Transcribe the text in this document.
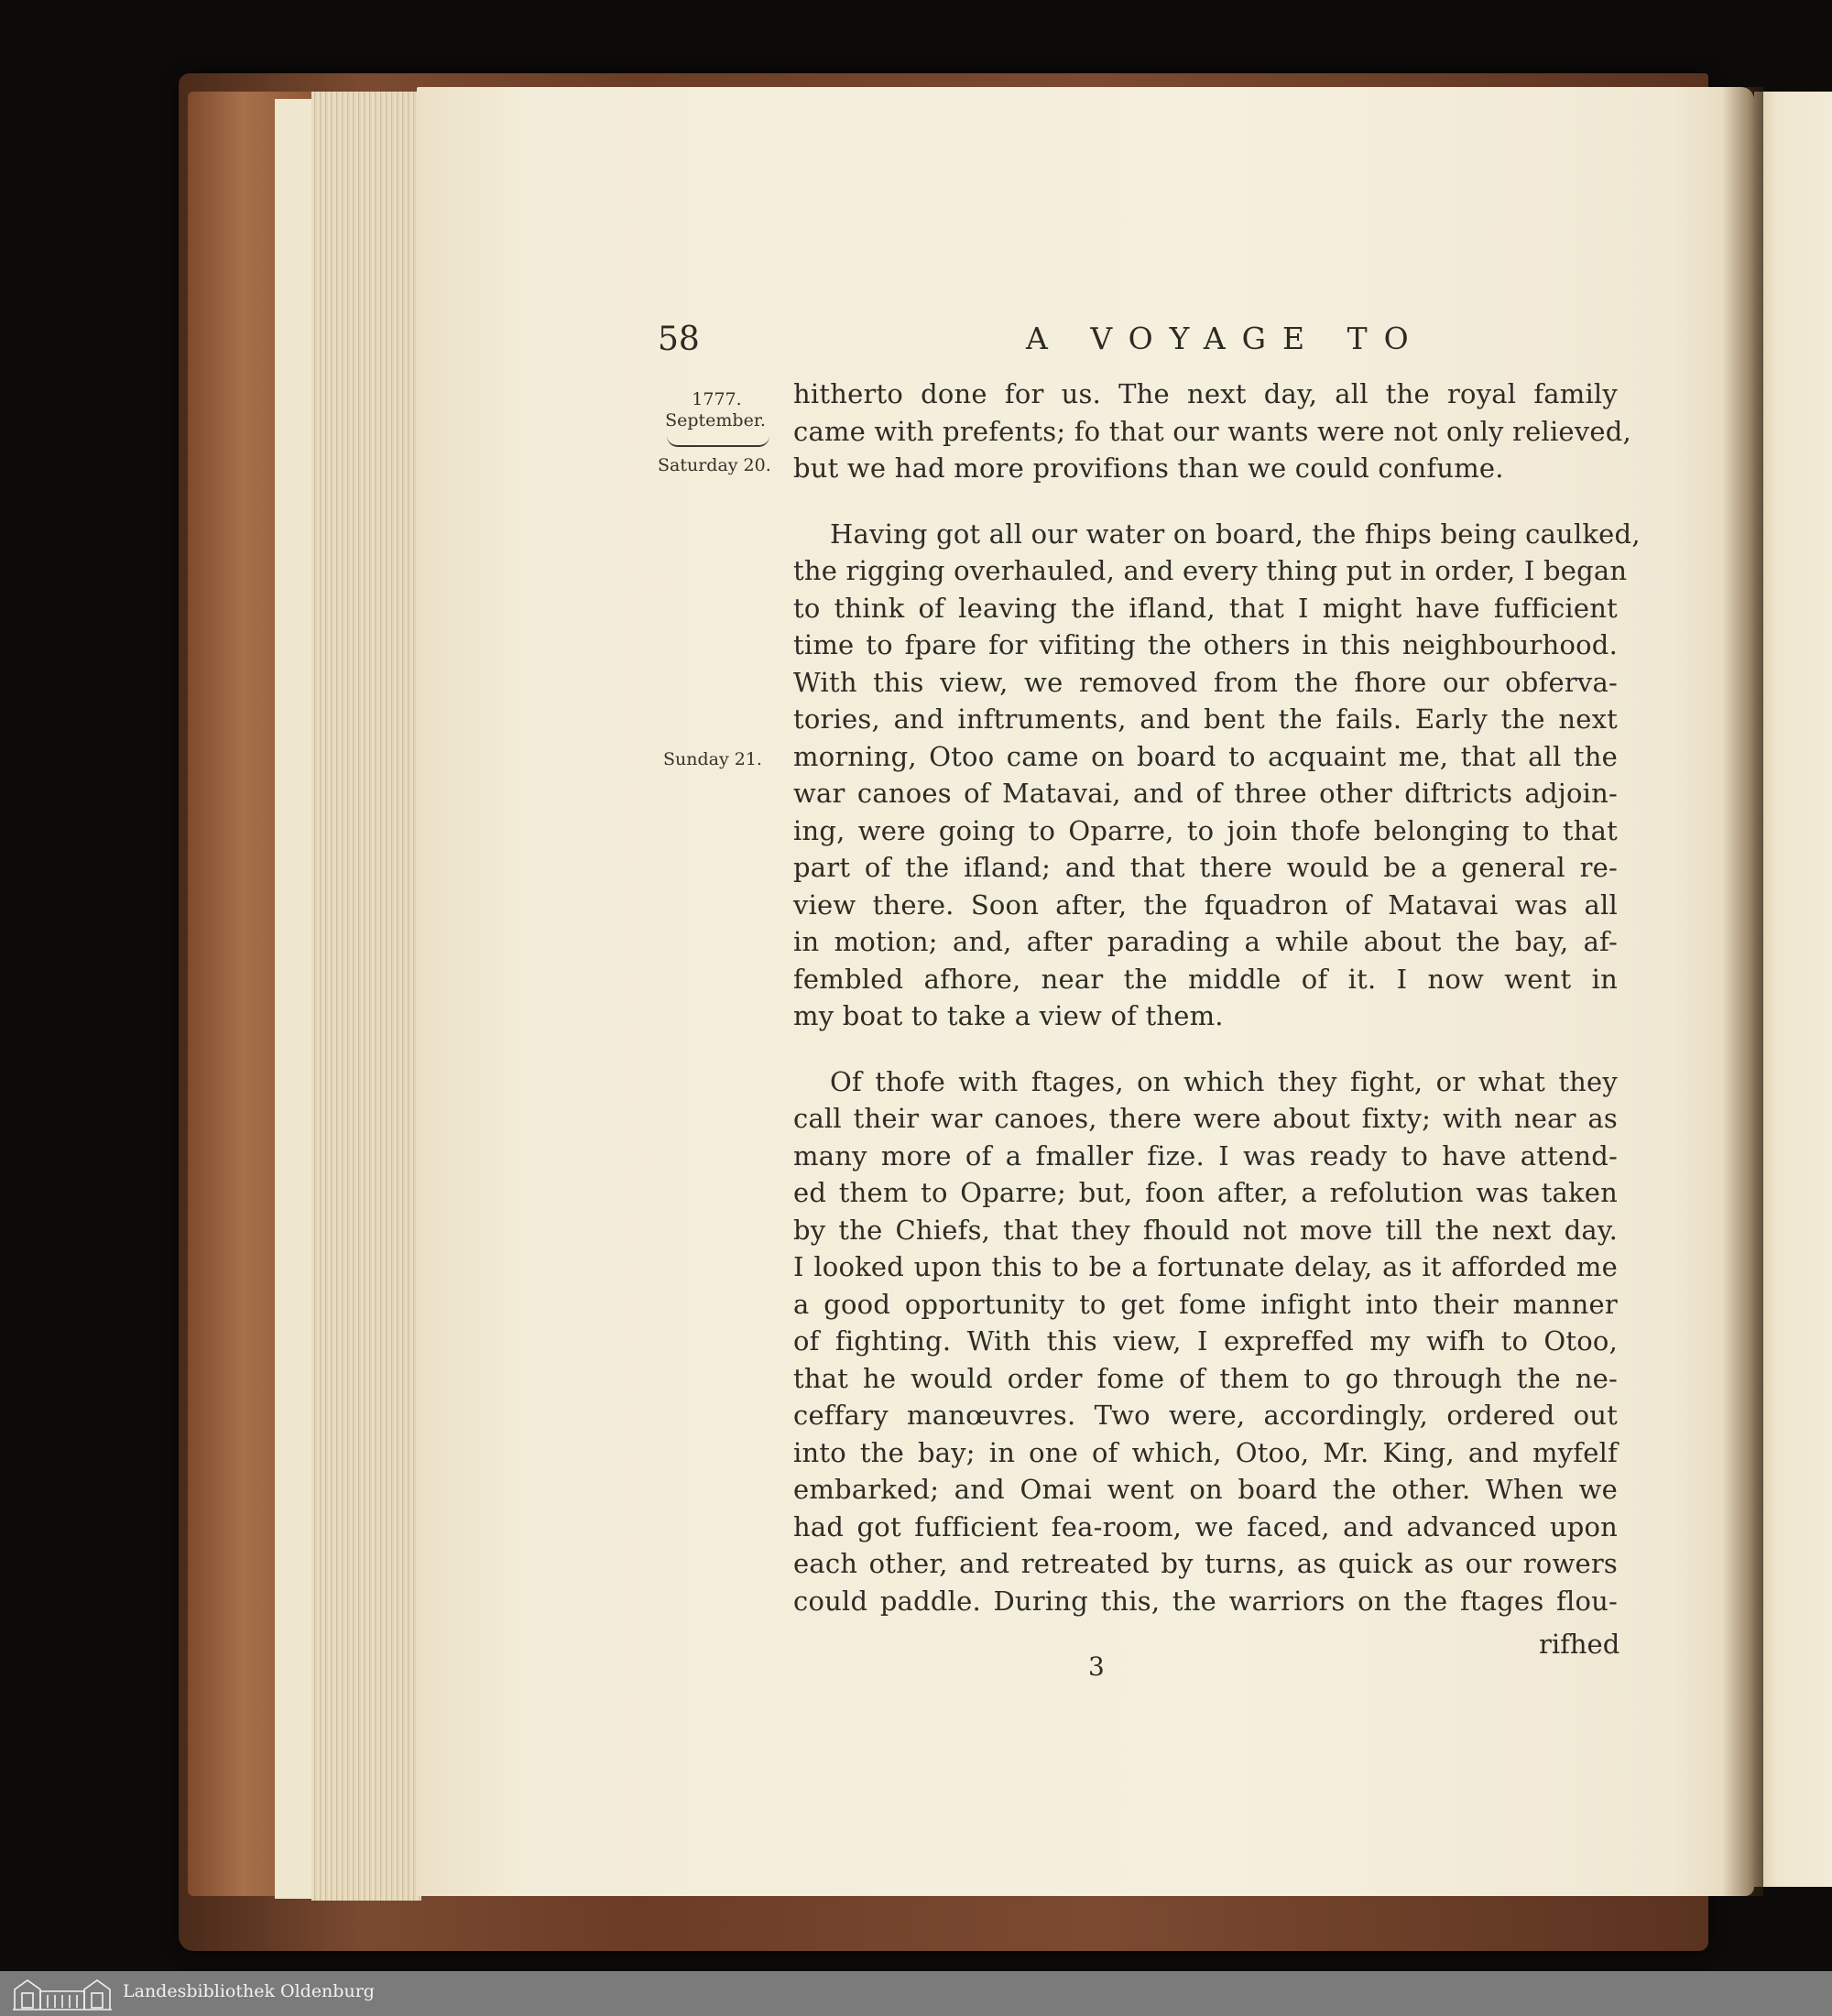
58	A VOYAGE TO
1777.
September.
Saturday 20.
Sunday 21.
hitherto done for us. The next day, all the royal family
came with prefents; fo that our wants were not only relieved,
but we had more provifions than we could confume.
Having got all our water on board, the fhips being caulked,
the rigging overhauled, and every thing put in order, I began
to think of leaving the ifland, that I might have fufficient
time to fpare for vifiting the others in this neighbourhood.
With this view, we removed from the fhore our obferva-
tories, and inftruments, and bent the fails. Early the next
morning, Otoo came on board to acquaint me, that all the
war canoes of Matavai, and of three other diftricts adjoin-
ing, were going to Oparre, to join thofe belonging to that
part of the ifland; and that there would be a general re-
view there. Soon after, the fquadron of Matavai was all
in motion; and, after parading a while about the bay, af-
fembled afhore, near the middle of it. I now went in
my boat to take a view of them.
Of thofe with ftages, on which they fight, or what they
call their war canoes, there were about fixty; with near as
many more of a fmaller fize. I was ready to have attend-
ed them to Oparre; but, foon after, a refolution was taken
by the Chiefs, that they fhould not move till the next day.
I looked upon this to be a fortunate delay, as it afforded me
a good opportunity to get fome infight into their manner
of fighting. With this view, I expreffed my wifh to Otoo,
that he would order fome of them to go through the ne-
ceffary manœuvres. Two were, accordingly, ordered out
into the bay; in one of which, Otoo, Mr. King, and myfelf
embarked; and Omai went on board the other. When we
had got fufficient fea-room, we faced, and advanced upon
each other, and retreated by turns, as quick as our rowers
could paddle. During this, the warriors on the ftages flou-
rifhed
3
Landesbibliothek Oldenburg
